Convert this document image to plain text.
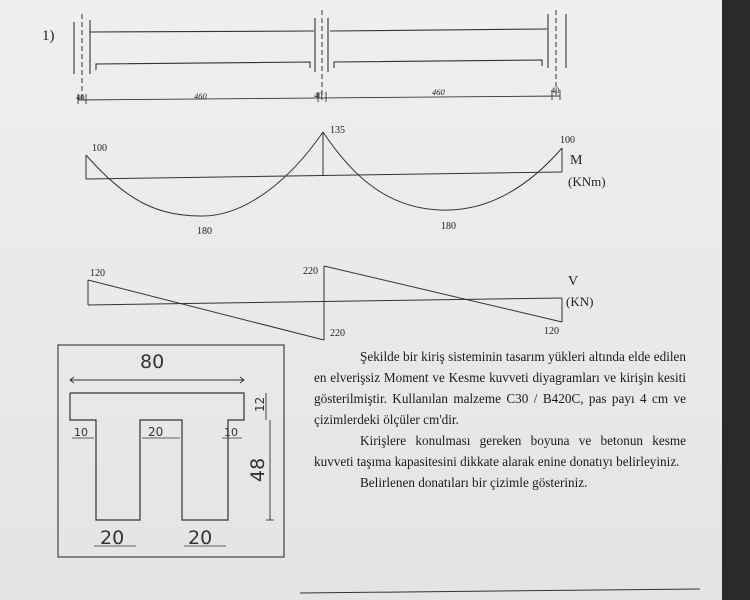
1)
40	460	40	460	40
100
135
100
180	180
M
(KNm)
120	220
220	120
V
(KN)
80
12
48
10	20	10
20	20

Şekilde bir kiriş sisteminin tasarım yükleri altında elde edilen en elverişsiz Moment ve Kesme kuvveti diyagramları ve kirişin kesiti gösterilmiştir. Kullanılan malzeme C30 / B420C, pas payı 4 cm ve çizimlerdeki ölçüler cm'dir.

Kirişlere konulması gereken boyuna ve betonun kesme kuvveti taşıma kapasitesini dikkate alarak enine donatıyı belirleyiniz.

Belirlenen donatıları bir çizimle gösteriniz.
